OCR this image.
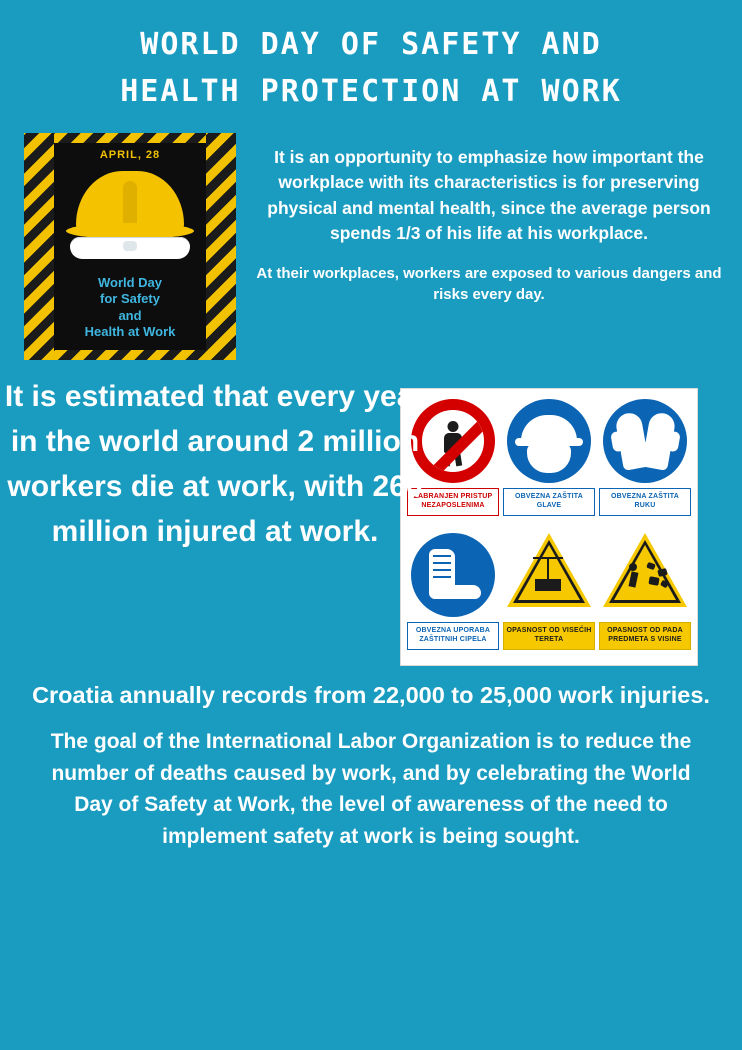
WORLD DAY OF SAFETY AND
HEALTH PROTECTION AT WORK
APRIL, 28
World Day
for Safety
and
Health at Work

It is an opportunity to emphasize how important the workplace with its characteristics is for preserving physical and mental health, since the average person spends 1/3 of his life at his workplace.

At their workplaces, workers are exposed to various dangers and risks every day.

It is estimated that every year in the world around 2 million workers die at work, with 260 million injured at work.
ZABRANJEN PRISTUP NEZAPOSLENIMA
OBVEZNA ZAŠTITA GLAVE
OBVEZNA ZAŠTITA RUKU
OBVEZNA UPORABA ZAŠTITNIH CIPELA
OPASNOST OD VISEĆIH TERETA
OPASNOST OD PADA PREDMETA S VISINE
Croatia annually records from 22,000 to 25,000 work injuries.
The goal of the International Labor Organization is to reduce the number of deaths caused by work, and by celebrating the World Day of Safety at Work, the level of awareness of the need to implement safety at work is being sought.
